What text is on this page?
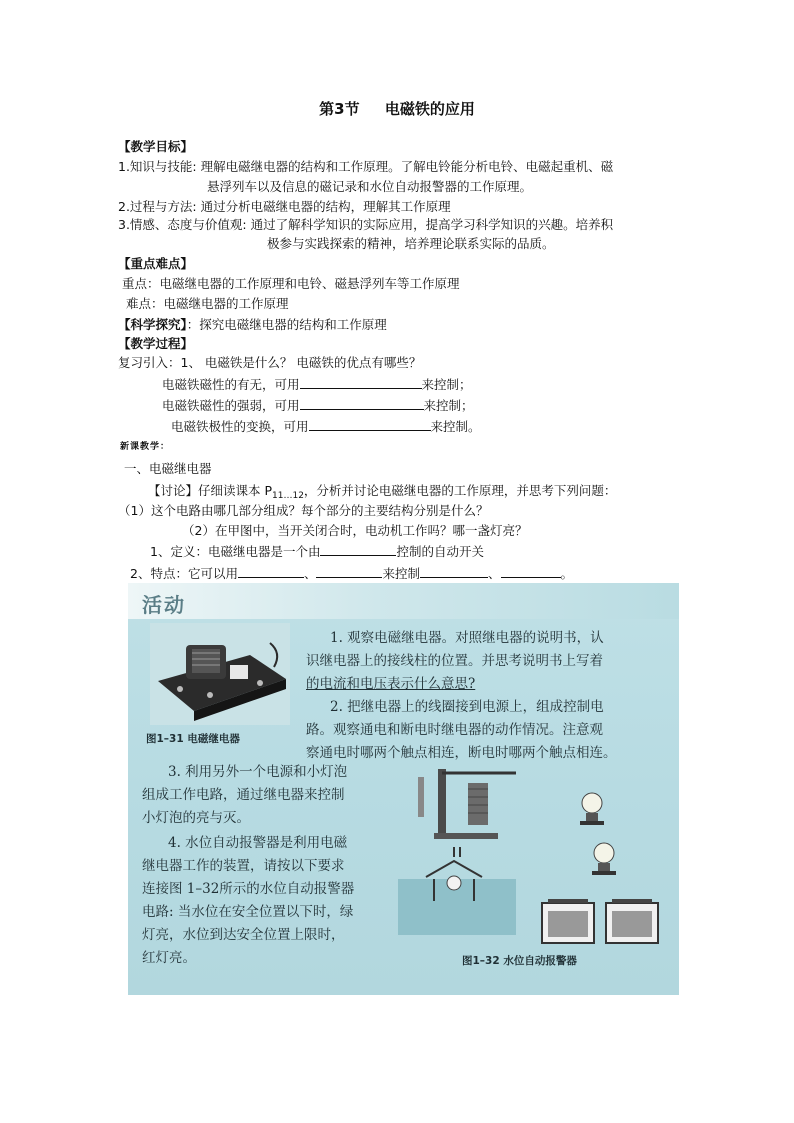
第3节 电磁铁的应用
【教学目标】
1.知识与技能: 理解电磁继电器的结构和工作原理。了解电铃能分析电铃、电磁起重机、磁
悬浮列车以及信息的磁记录和水位自动报警器的工作原理。
2.过程与方法: 通过分析电磁继电器的结构，理解其工作原理
3.情感、态度与价值观: 通过了解科学知识的实际应用，提高学习科学知识的兴趣。培养积
极参与实践探索的精神，培养理论联系实际的品质。
【重点难点】
重点：电磁继电器的工作原理和电铃、磁悬浮列车等工作原理
难点：电磁继电器的工作原理
【科学探究】：探究电磁继电器的结构和工作原理
【教学过程】
复习引入：1、 电磁铁是什么？ 电磁铁的优点有哪些？
电磁铁磁性的有无，可用	来控制；
电磁铁磁性的强弱，可用	来控制；
电磁铁极性的变换，可用	来控制。
新课教学：
一、电磁继电器
【讨论】仔细读课本 $P_{11\dots 12}$，分析并讨论电磁继电器的工作原理，并思考下列问题：
（1）这个电路由哪几部分组成？每个部分的主要结构分别是什么？
（2）在甲图中，当开关闭合时，电动机工作吗？哪一盏灯亮？
1、定义：电磁继电器是一个由	控制的自动开关
2、特点：它可以用	、	来控制	、	。
活动
图1–31 电磁继电器
1. 观察电磁继电器。对照继电器的说明书，认
识继电器上的接线柱的位置。并思考说明书上写着
的电流和电压表示什么意思?
2. 把继电器上的线圈接到电源上，组成控制电
路。观察通电和断电时继电器的动作情况。注意观
察通电时哪两个触点相连，断电时哪两个触点相连。
3. 利用另外一个电源和小灯泡
组成工作电路，通过继电器来控制
小灯泡的亮与灭。
4. 水位自动报警器是利用电磁
继电器工作的装置，请按以下要求
连接图 1–32所示的水位自动报警器
电路: 当水位在安全位置以下时，绿
灯亮，水位到达安全位置上限时，
红灯亮。	图1–32 水位自动报警器
